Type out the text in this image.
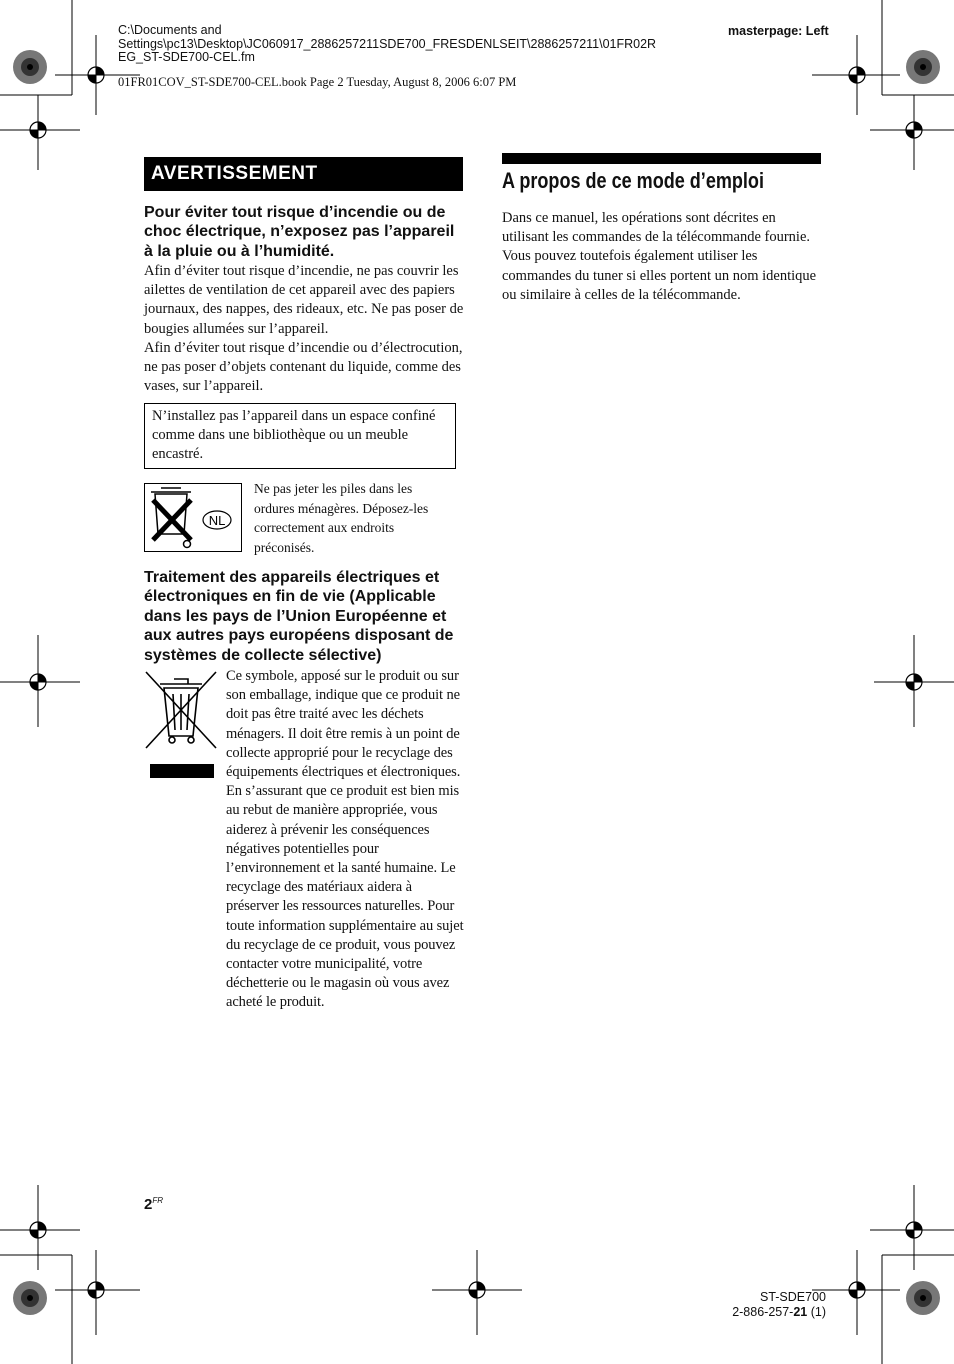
C:\Documents and
Settings\pc13\Desktop\JC060917_2886257211SDE700_FRESDENLSEIT\2886257211\01FR02R
EG_ST-SDE700-CEL.fm
masterpage: Left
01FR01COV_ST-SDE700-CEL.book Page 2 Tuesday, August 8, 2006 6:07 PM
AVERTISSEMENT
Pour éviter tout risque d’incendie ou de choc électrique, n’exposez pas l’appareil à la pluie ou à l’humidité.
Afin d’éviter tout risque d’incendie, ne pas couvrir les ailettes de ventilation de cet appareil avec des papiers journaux, des nappes, des rideaux, etc. Ne pas poser de bougies allumées sur l’appareil.
Afin d’éviter tout risque d’incendie ou d’électrocution, ne pas poser d’objets contenant du liquide, comme des vases, sur l’appareil.
N’installez pas l’appareil dans un espace confiné comme dans une bibliothèque ou un meuble encastré.
NL
Ne pas jeter les piles dans les ordures ménagères. Déposez-les correctement aux endroits préconisés.
Traitement des appareils électriques et électroniques en fin de vie (Applicable dans les pays de l’Union Européenne et aux autres pays européens disposant de systèmes de collecte sélective)
Ce symbole, apposé sur le produit ou sur son emballage, indique que ce produit ne doit pas être traité avec les déchets ménagers. Il doit être remis à un point de collecte approprié pour le recyclage des équipements électriques et électroniques. En s’assurant que ce produit est bien mis au rebut de manière appropriée, vous aiderez à prévenir les conséquences négatives potentielles pour l’environnement et la santé humaine. Le recyclage des matériaux aidera à préserver les ressources naturelles. Pour toute information supplémentaire au sujet du recyclage de ce produit, vous pouvez contacter votre municipalité, votre déchetterie ou le magasin où vous avez acheté le produit.
A propos de ce mode d’emploi
Dans ce manuel, les opérations sont décrites en utilisant les commandes de la télécommande fournie. Vous pouvez toutefois également utiliser les commandes du tuner si elles portent un nom identique ou similaire à celles de la télécommande.
$2^{FR}$
ST-SDE700
2-886-257-21 (1)
